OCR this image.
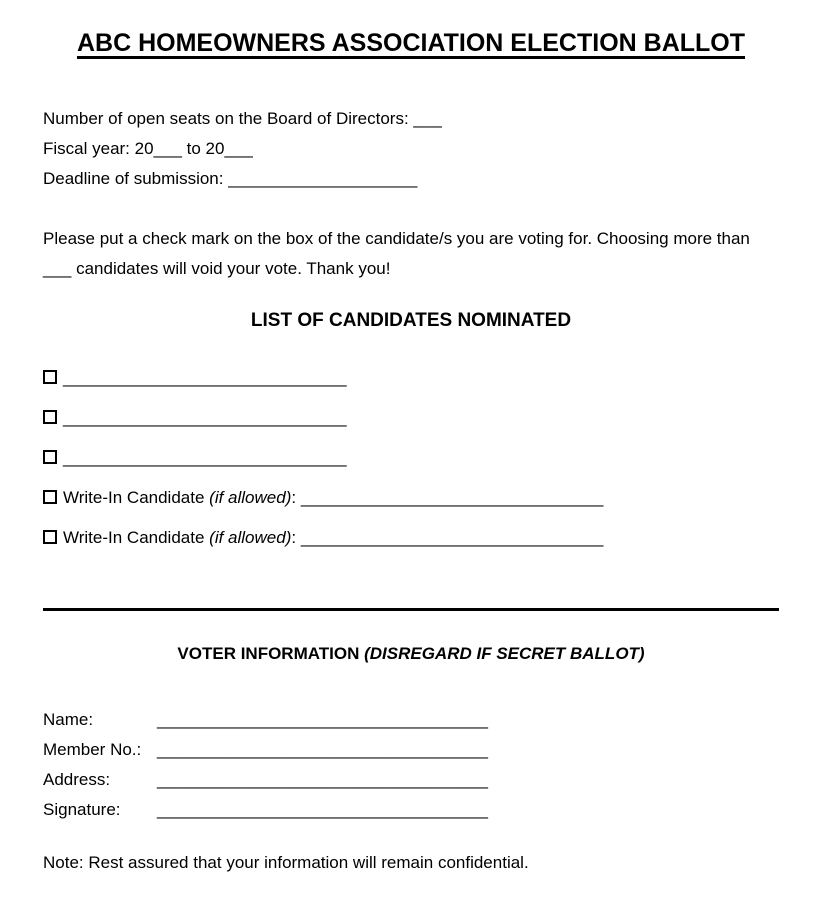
ABC HOMEOWNERS ASSOCIATION ELECTION BALLOT
Number of open seats on the Board of Directors: ___
Fiscal year: 20___ to 20___
Deadline of submission: ____________________
Please put a check mark on the box of the candidate/s you are voting for. Choosing more than
___ candidates will void your vote. Thank you!
LIST OF CANDIDATES NOMINATED
______________________________
______________________________
______________________________
Write-In Candidate (if allowed): ________________________________
Write-In Candidate (if allowed): ________________________________
VOTER INFORMATION (DISREGARD IF SECRET BALLOT)
Name:	___________________________________
Member No.: ___________________________________
Address:	___________________________________
Signature:	___________________________________
Note: Rest assured that your information will remain confidential.
